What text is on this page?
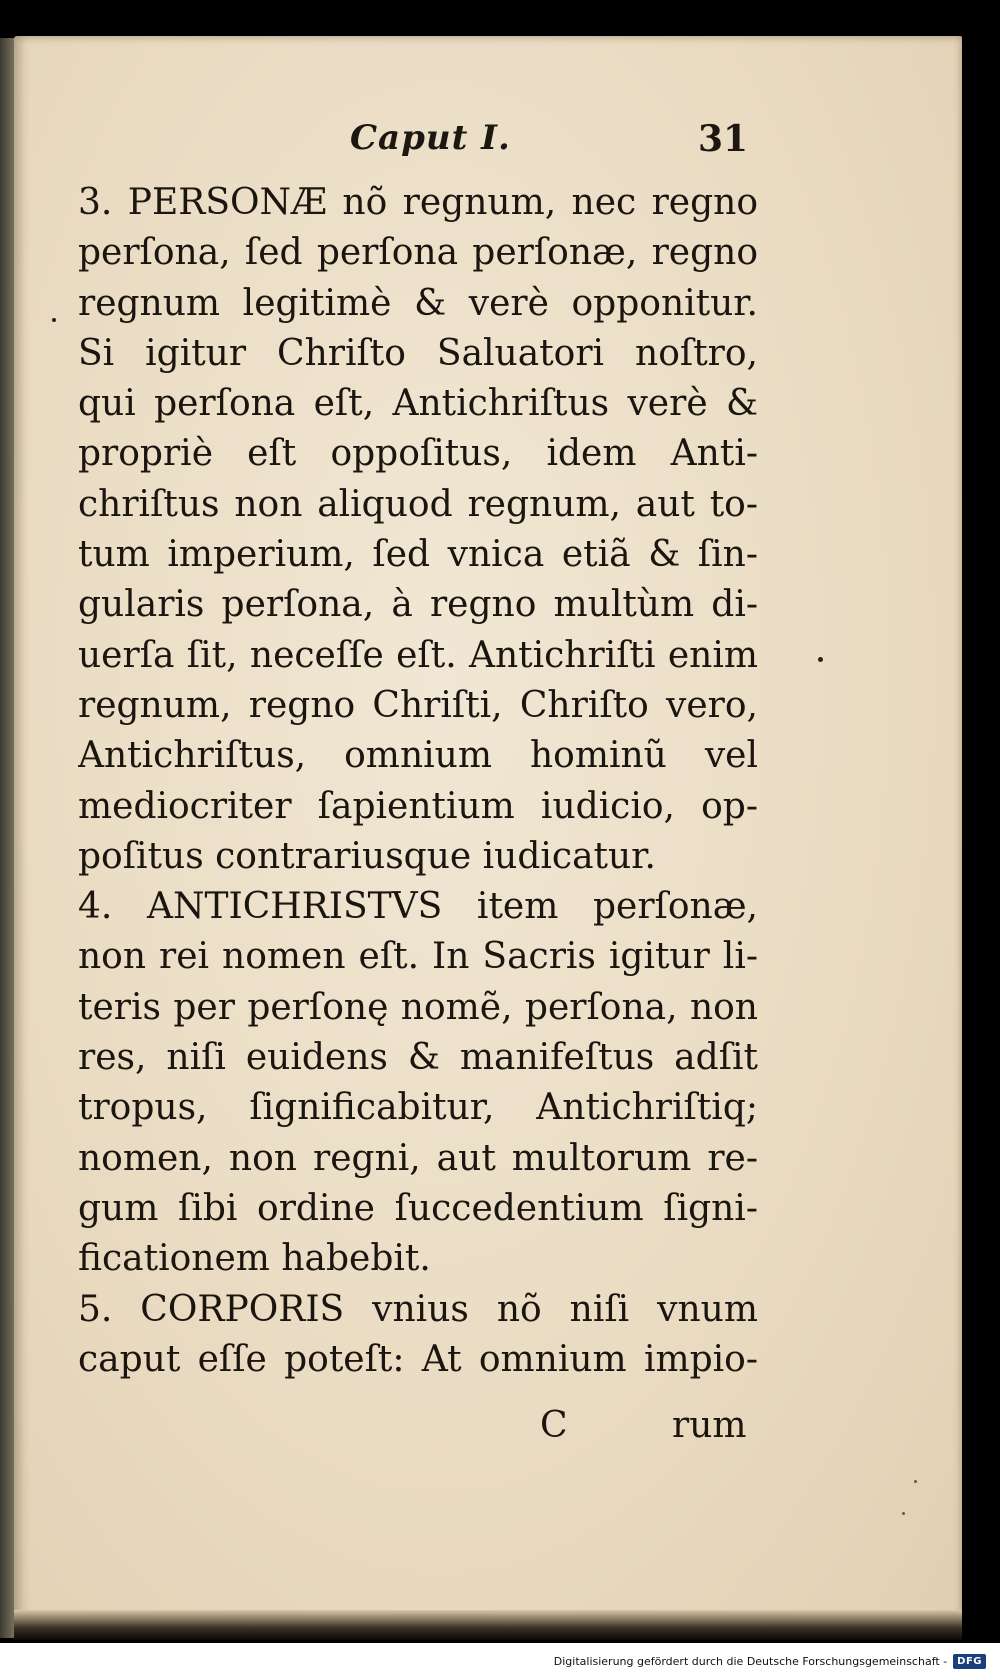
Caput I.	31
3. PERSONÆ nõ regnum, nec regno
perſona, ſed perſona perſonæ, regno
regnum legitimè & verè opponitur.
Si igitur Chriſto Saluatori noſtro,
qui perſona eſt, Antichriſtus verè &
propriè eſt oppoſitus, idem Anti-
chriſtus non aliquod regnum, aut to-
tum imperium, ſed vnica etiã & ſin-
gularis perſona, à regno multùm di-
uerſa ſit, neceſſe eſt. Antichriſti enim
regnum, regno Chriſti, Chriſto vero,
Antichriſtus, omnium hominũ vel
mediocriter ſapientium iudicio, op-
poſitus contrariusque iudicatur.
4. ANTICHRISTVS item perſonæ,
non rei nomen eſt. In Sacris igitur li-
teris per perſonę nomẽ, perſona, non
res, niſi euidens & manifeſtus adſit
tropus, ſignificabitur, Antichriſtiq;
nomen, non regni, aut multorum re-
gum ſibi ordine ſuccedentium ſigni-
ficationem habebit.
5. CORPORIS vnius nõ niſi vnum
caput eſſe poteſt: At omnium impio-
C	rum
Digitalisierung gefördert durch die Deutsche Forschungsgemeinschaft -	DFG
